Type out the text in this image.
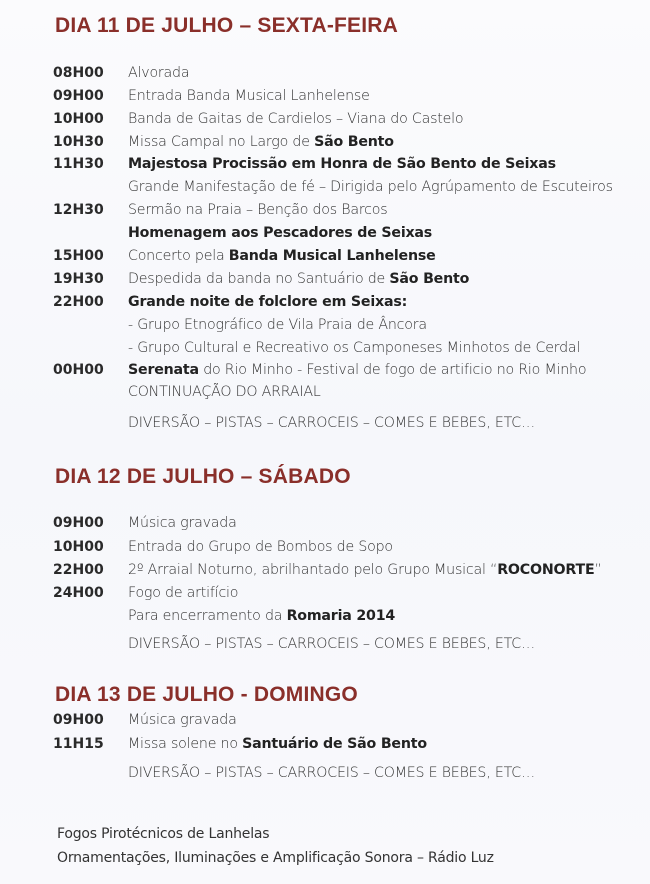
DIA 11 DE JULHO – SEXTA-FEIRA
08H00 Alvorada
09H00 Entrada Banda Musical Lanhelense
10H00 Banda de Gaitas de Cardielos – Viana do Castelo
10H30 Missa Campal no Largo de São Bento
11H30 Majestosa Procissão em Honra de São Bento de Seixas
Grande Manifestação de fé – Dirigida pelo Agrúpamento de Escuteiros
12H30 Sermão na Praia – Benção dos Barcos
Homenagem aos Pescadores de Seixas
15H00 Concerto pela Banda Musical Lanhelense
19H30 Despedida da banda no Santuário de São Bento
22H00 Grande noite de folclore em Seixas:
- Grupo Etnográfico de Vila Praia de Âncora
- Grupo Cultural e Recreativo os Camponeses Minhotos de Cerdal
00H00 Serenata do Rio Minho - Festival de fogo de artificio no Rio Minho
CONTINUAÇÃO DO ARRAIAL
DIVERSÃO – PISTAS – CARROCEIS – COMES E BEBES, ETC…
DIA 12 DE JULHO – SÁBADO
09H00 Música gravada
10H00 Entrada do Grupo de Bombos de Sopo
22H00 2º Arraial Noturno, abrilhantado pelo Grupo Musical “ROCONORTE”
24H00 Fogo de artifício
Para encerramento da Romaria 2014
DIVERSÃO – PISTAS – CARROCEIS – COMES E BEBES, ETC…
DIA 13 DE JULHO - DOMINGO
09H00 Música gravada
11H15 Missa solene no Santuário de São Bento
DIVERSÃO – PISTAS – CARROCEIS – COMES E BEBES, ETC…
Fogos Pirotécnicos de Lanhelas
Ornamentações, Iluminações e Amplificação Sonora – Rádio Luz
